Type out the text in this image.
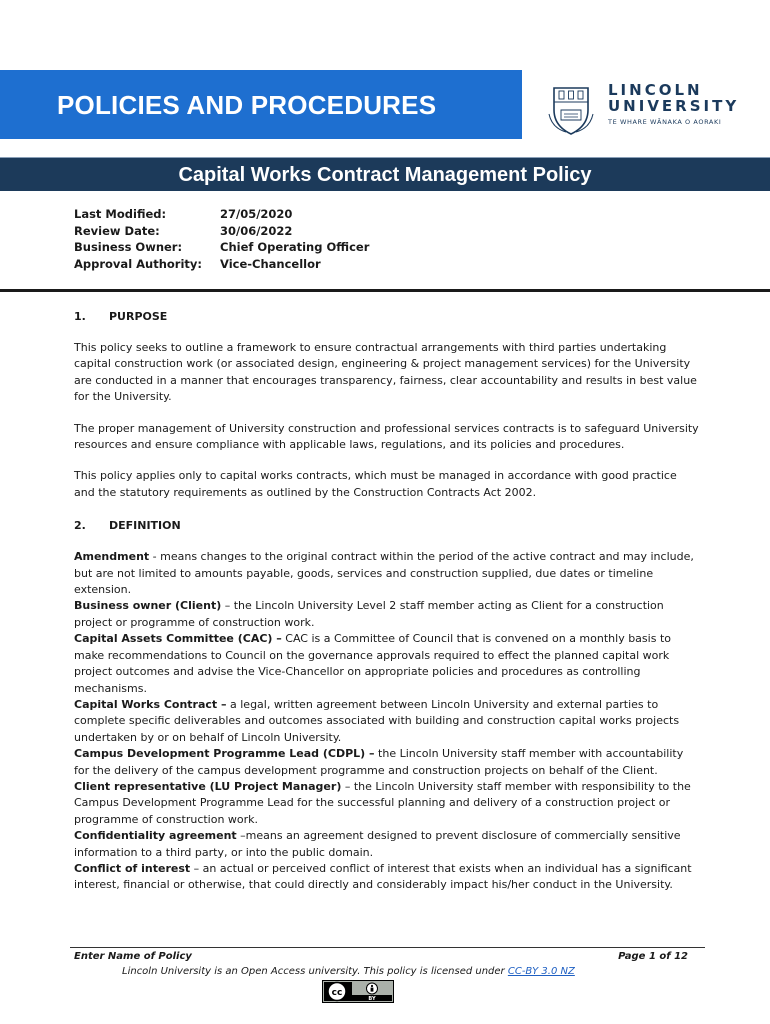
POLICIES AND PROCEDURES	LINCOLN
UNIVERSITY
TE WHARE WĀNAKA O AORAKI
Capital Works Contract Management Policy
Last Modified:	27/05/2020
Review Date:	30/06/2022
Business Owner:	Chief Operating Officer
Approval Authority: Vice-Chancellor
1. PURPOSE

This policy seeks to outline a framework to ensure contractual arrangements with third parties undertaking capital construction work (or associated design, engineering & project management services) for the University are conducted in a manner that encourages transparency, fairness, clear accountability and results in best value for the University.

The proper management of University construction and professional services contracts is to safeguard University resources and ensure compliance with applicable laws, regulations, and its policies and procedures.

This policy applies only to capital works contracts, which must be managed in accordance with good practice and the statutory requirements as outlined by the Construction Contracts Act 2002.

2. DEFINITION

Amendment - means changes to the original contract within the period of the active contract and may include, but are not limited to amounts payable, goods, services and construction supplied, due dates or timeline extension.

Business owner (Client) – the Lincoln University Level 2 staff member acting as Client for a construction project or programme of construction work.

Capital Assets Committee (CAC) – CAC is a Committee of Council that is convened on a monthly basis to make recommendations to Council on the governance approvals required to effect the planned capital work project outcomes and advise the Vice-Chancellor on appropriate policies and procedures as controlling mechanisms.

Capital Works Contract – a legal, written agreement between Lincoln University and external parties to complete specific deliverables and outcomes associated with building and construction capital works projects undertaken by or on behalf of Lincoln University.

Campus Development Programme Lead (CDPL) – the Lincoln University staff member with accountability for the delivery of the campus development programme and construction projects on behalf of the Client.

Client representative (LU Project Manager) – the Lincoln University staff member with responsibility to the Campus Development Programme Lead for the successful planning and delivery of a construction project or programme of construction work.

Confidentiality agreement –means an agreement designed to prevent disclosure of commercially sensitive information to a third party, or into the public domain.

Conflict of interest – an actual or perceived conflict of interest that exists when an individual has a significant interest, financial or otherwise, that could directly and considerably impact his/her conduct in the University.

Enter Name of Policy	Page 1 of 12
Lincoln University is an Open Access university. This policy is licensed under CC-BY 3.0 NZ
cc
BY
